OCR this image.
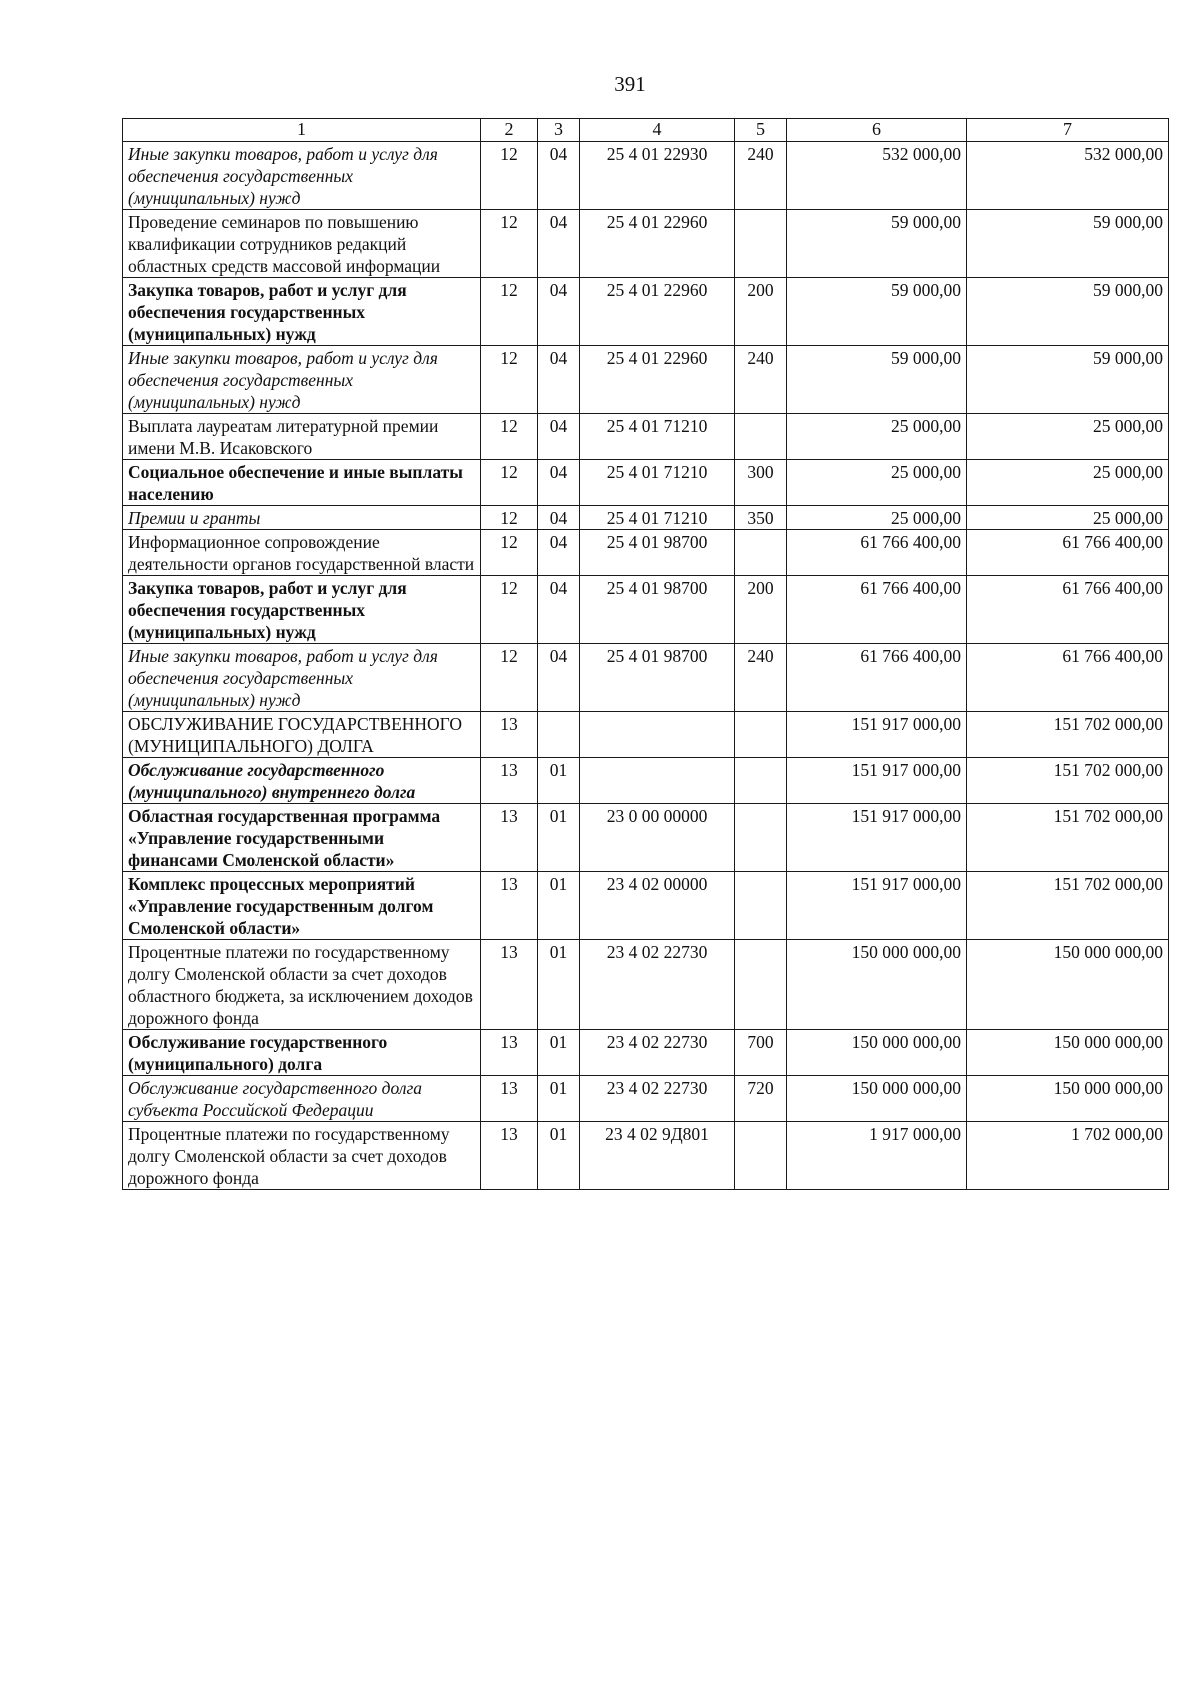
391
1	2	3	4	5	6	7
Иные закупки товаров, работ и услуг для обеспечения государственных (муниципальных) нужд	12	04	25 4 01 22930	240	532 000,00	532 000,00
Проведение семинаров по повышению квалификации сотрудников редакций областных средств массовой информации	12	04	25 4 01 22960		59 000,00	59 000,00
Закупка товаров, работ и услуг для обеспечения государственных (муниципальных) нужд	12	04	25 4 01 22960	200	59 000,00	59 000,00
Иные закупки товаров, работ и услуг для обеспечения государственных (муниципальных) нужд	12	04	25 4 01 22960	240	59 000,00	59 000,00
Выплата лауреатам литературной премии имени М.В. Исаковского	12	04	25 4 01 71210		25 000,00	25 000,00
Социальное обеспечение и иные выплаты населению	12	04	25 4 01 71210	300	25 000,00	25 000,00
Премии и гранты	12	04	25 4 01 71210	350	25 000,00	25 000,00
Информационное сопровождение деятельности органов государственной власти	12	04	25 4 01 98700		61 766 400,00	61 766 400,00
Закупка товаров, работ и услуг для обеспечения государственных (муниципальных) нужд	12	04	25 4 01 98700	200	61 766 400,00	61 766 400,00
Иные закупки товаров, работ и услуг для обеспечения государственных (муниципальных) нужд	12	04	25 4 01 98700	240	61 766 400,00	61 766 400,00
ОБСЛУЖИВАНИЕ ГОСУДАРСТВЕННОГО (МУНИЦИПАЛЬНОГО) ДОЛГА	13				151 917 000,00	151 702 000,00
Обслуживание государственного (муниципального) внутреннего долга	13	01			151 917 000,00	151 702 000,00
Областная государственная программа «Управление государственными финансами Смоленской области»	13	01	23 0 00 00000		151 917 000,00	151 702 000,00
Комплекс процессных мероприятий «Управление государственным долгом Смоленской области»	13	01	23 4 02 00000		151 917 000,00	151 702 000,00
Процентные платежи по государственному долгу Смоленской области за счет доходов областного бюджета, за исключением доходов дорожного фонда	13	01	23 4 02 22730		150 000 000,00	150 000 000,00
Обслуживание государственного (муниципального) долга	13	01	23 4 02 22730	700	150 000 000,00	150 000 000,00
Обслуживание государственного долга субъекта Российской Федерации	13	01	23 4 02 22730	720	150 000 000,00	150 000 000,00
Процентные платежи по государственному долгу Смоленской области за счет доходов дорожного фонда	13	01	23 4 02 9Д801		1 917 000,00	1 702 000,00
